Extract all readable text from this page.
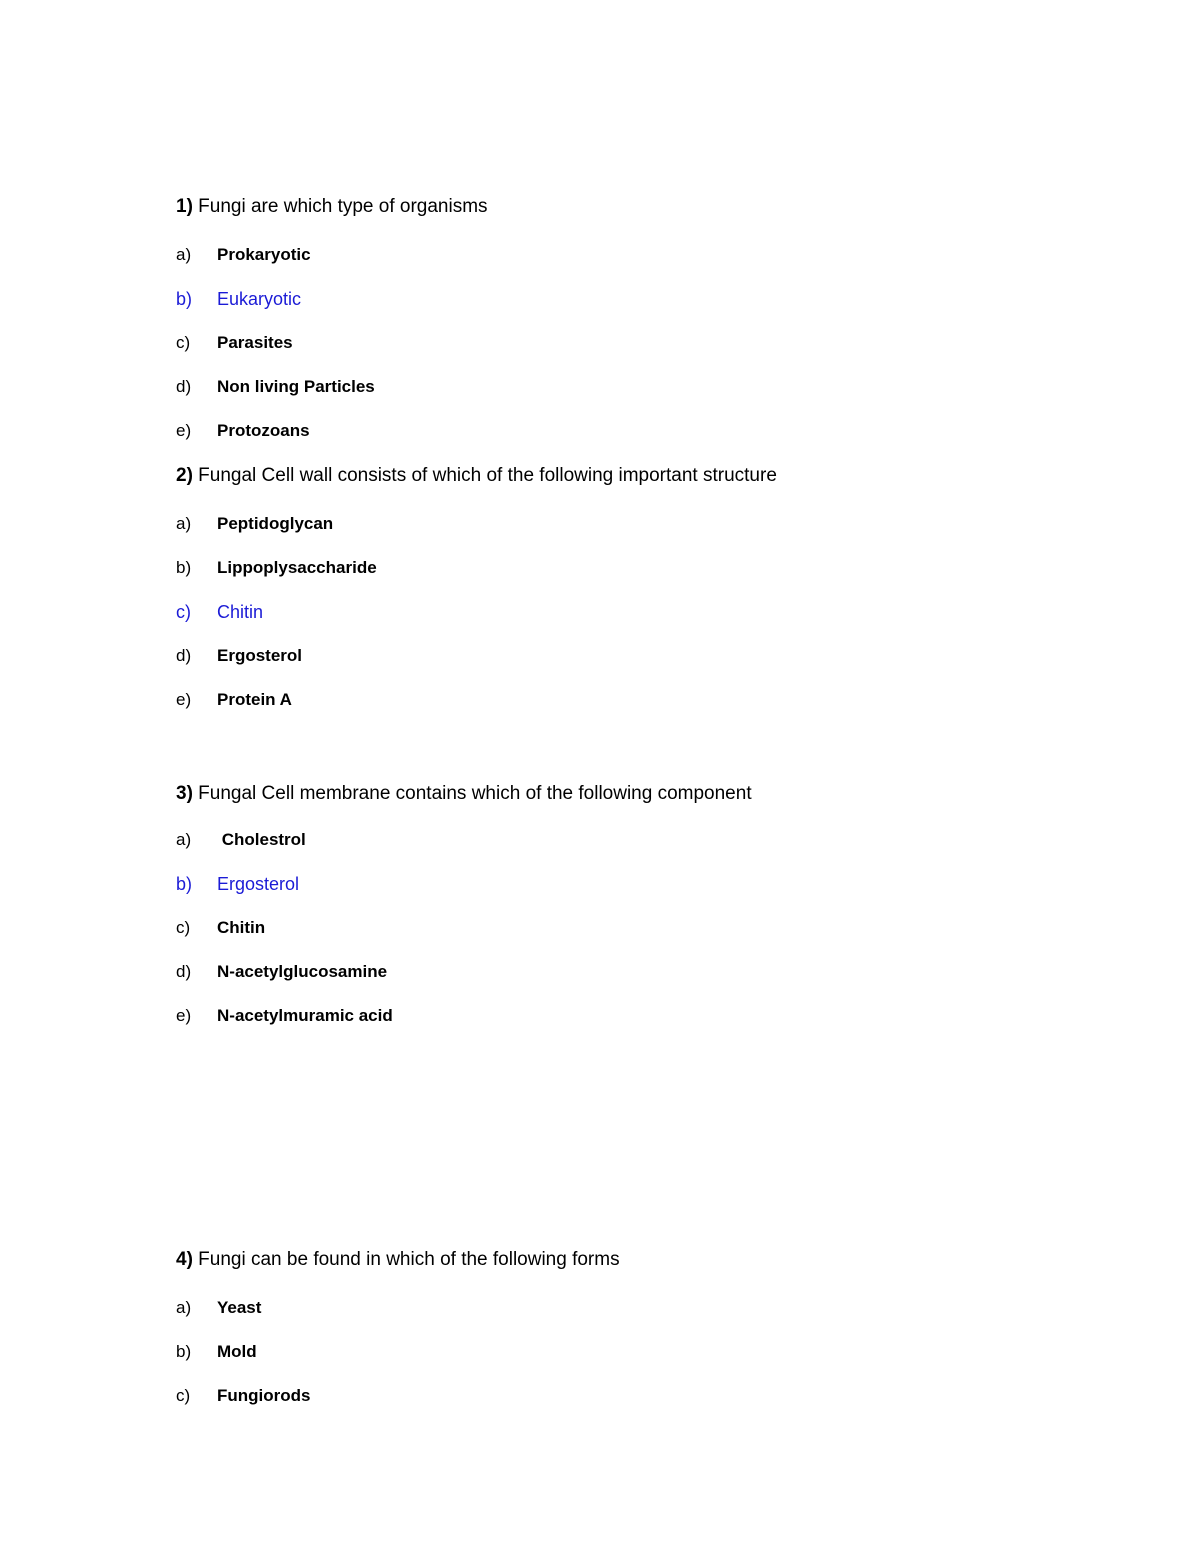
1) Fungi are which type of organisms

a)	Prokaryotic
b)	Eukaryotic
c)	Parasites
d)	Non living Particles
e)	Protozoans

2) Fungal Cell wall consists of which of the following important structure

a)	Peptidoglycan
b)	Lippoplysaccharide
c)	Chitin
d)	Ergosterol
e)	Protein A

3) Fungal Cell membrane contains which of the following component

a)	Cholestrol
b)	Ergosterol
c)	Chitin
d)	N-acetylglucosamine
e)	N-acetylmuramic acid

4) Fungi can be found in which of the following forms

a)	Yeast
b)	Mold
c)	Fungiorods
